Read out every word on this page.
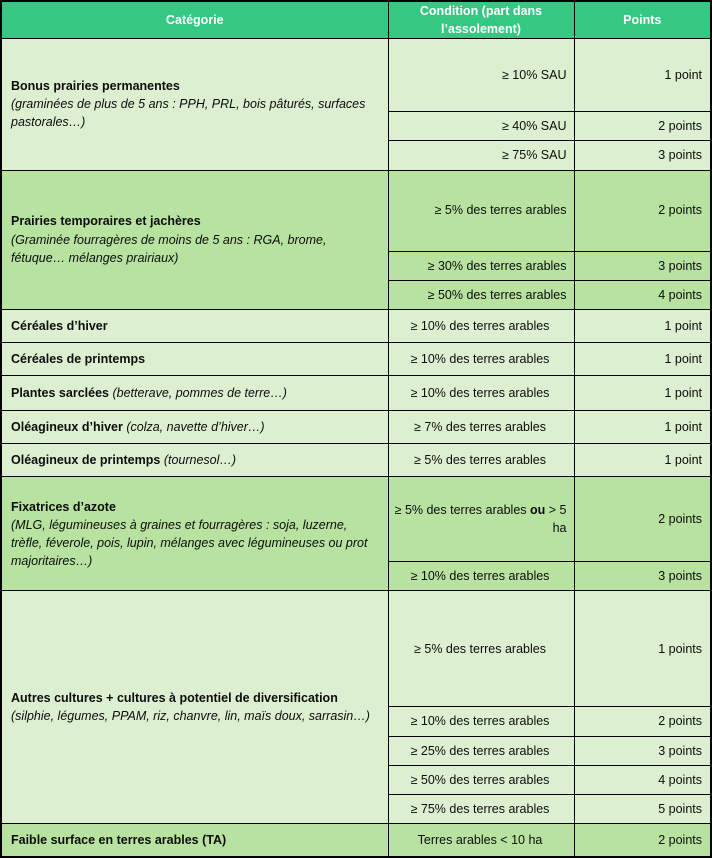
Catégorie	Condition (part dans l’assolement)	Points

Bonus prairies permanentes
(graminées de plus de 5 ans : PPH, PRL, bois pâturés, surfaces pastorales…)	≥ 10% SAU	1 point

	≥ 40% SAU	2 points

	≥ 75% SAU	3 points

Prairies temporaires et jachères
(Graminée fourragères de moins de 5 ans : RGA, brome, fétuque… mélanges prairiaux)	≥ 5% des terres arables	2 points

	≥ 30% des terres arables	3 points

	≥ 50% des terres arables	4 points

Céréales d’hiver	≥ 10% des terres arables	1 point

Céréales de printemps	≥ 10% des terres arables	1 point

Plantes sarclées (betterave, pommes de terre…)	≥ 10% des terres arables	1 point

Oléagineux d’hiver (colza, navette d’hiver…)	≥ 7% des terres arables	1 point

Oléagineux de printemps (tournesol…)	≥ 5% des terres arables	1 point

Fixatrices d’azote
(MLG, légumineuses à graines et fourragères : soja, luzerne, trèfle, féverole, pois, lupin, mélanges avec légumineuses ou prot majoritaires…)	≥ 5% des terres arables ou > 5 ha	2 points

	≥ 10% des terres arables	3 points

Autres cultures + cultures à potentiel de diversification (silphie, légumes, PPAM, riz, chanvre, lin, maïs doux, sarrasin…)	≥ 5% des terres arables	1 points

	≥ 10% des terres arables	2 points

	≥ 25% des terres arables	3 points

	≥ 50% des terres arables	4 points

	≥ 75% des terres arables	5 points

Faible surface en terres arables (TA)	Terres arables < 10 ha	2 points
